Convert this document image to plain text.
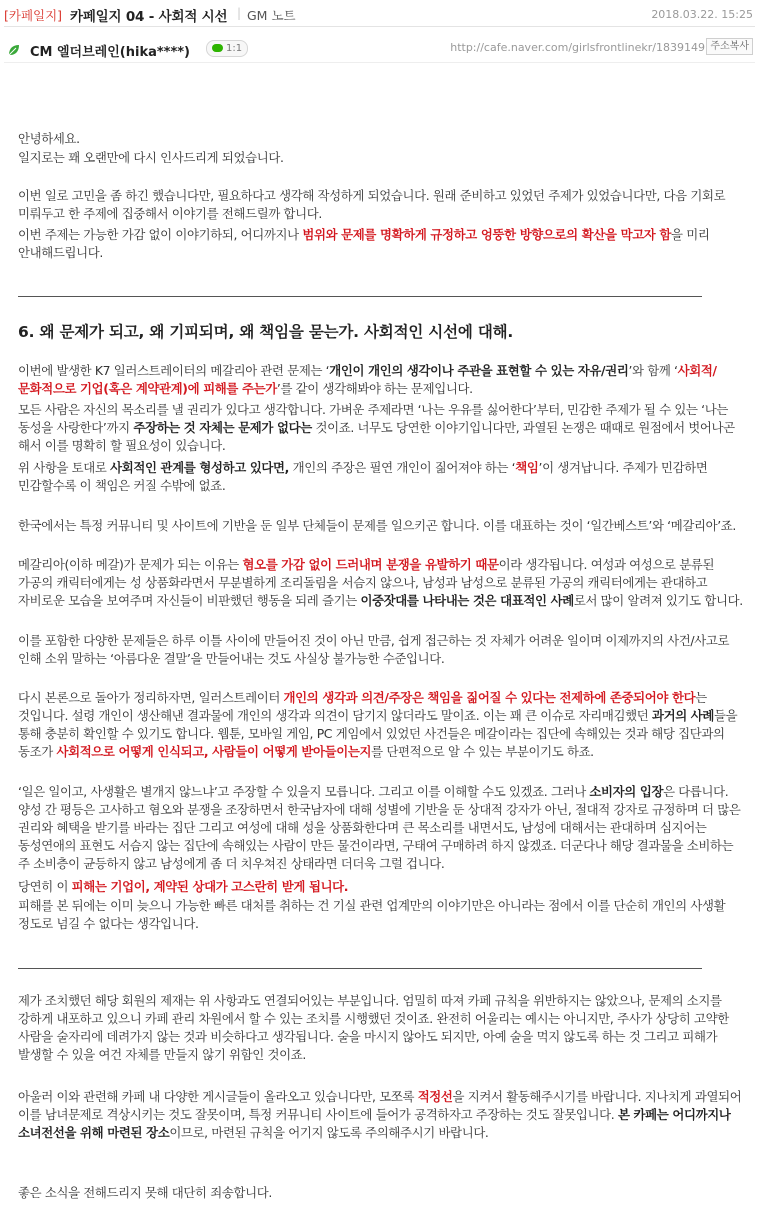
[카페일지] 카페일지 04 - 사회적 시선 | GM 노트	2018.03.22. 15:25
CM 엘더브레인(hika****)	1:1	http://cafe.naver.com/girlsfrontlinekr/1839149 주소복사
안녕하세요.
일지로는 꽤 오랜만에 다시 인사드리게 되었습니다.
이번 일로 고민을 좀 하긴 했습니다만, 필요하다고 생각해 작성하게 되었습니다. 원래 준비하고 있었던 주제가 있었습니다만, 다음 기회로 미뤄두고 한 주제에 집중해서 이야기를 전해드릴까 합니다.
이번 주제는 가능한 가감 없이 이야기하되, 어디까지나 범위와 문제를 명확하게 규정하고 엉뚱한 방향으로의 확산을 막고자 함을 미리 안내해드립니다.
6. 왜 문제가 되고, 왜 기피되며, 왜 책임을 묻는가. 사회적인 시선에 대해.
이번에 발생한 K7 일러스트레이터의 메갈리아 관련 문제는 ‘개인이 개인의 생각이나 주관을 표현할 수 있는 자유/권리’와 함께 ‘사회적/문화적으로 기업(혹은 계약관계)에 피해를 주는가’를 같이 생각해봐야 하는 문제입니다.
모든 사람은 자신의 목소리를 낼 권리가 있다고 생각합니다. 가벼운 주제라면 ‘나는 우유를 싫어한다’부터, 민감한 주제가 될 수 있는 ‘나는 동성을 사랑한다’까지 주장하는 것 자체는 문제가 없다는 것이죠. 너무도 당연한 이야기입니다만, 과열된 논쟁은 때때로 원점에서 벗어나곤 해서 이를 명확히 할 필요성이 있습니다.
위 사항을 토대로 사회적인 관계를 형성하고 있다면, 개인의 주장은 필연 개인이 짊어져야 하는 ‘책임’이 생겨납니다. 주제가 민감하면 민감할수록 이 책임은 커질 수밖에 없죠.
한국에서는 특정 커뮤니티 및 사이트에 기반을 둔 일부 단체들이 문제를 일으키곤 합니다. 이를 대표하는 것이 ‘일간베스트’와 ‘메갈리아’죠.
메갈리아(이하 메갈)가 문제가 되는 이유는 혐오를 가감 없이 드러내며 분쟁을 유발하기 때문이라 생각됩니다. 여성과 여성으로 분류된 가공의 캐릭터에게는 성 상품화라면서 무분별하게 조리돌림을 서슴지 않으나, 남성과 남성으로 분류된 가공의 캐릭터에게는 관대하고 자비로운 모습을 보여주며 자신들이 비판했던 행동을 되레 즐기는 이중잣대를 나타내는 것은 대표적인 사례로서 많이 알려져 있기도 합니다.
이를 포함한 다양한 문제들은 하루 이틀 사이에 만들어진 것이 아닌 만큼, 쉽게 접근하는 것 자체가 어려운 일이며 이제까지의 사건/사고로 인해 소위 말하는 ‘아름다운 결말’을 만들어내는 것도 사실상 불가능한 수준입니다.
다시 본론으로 돌아가 정리하자면, 일러스트레이터 개인의 생각과 의견/주장은 책임을 짊어질 수 있다는 전제하에 존중되어야 한다는 것입니다. 설령 개인이 생산해낸 결과물에 개인의 생각과 의견이 담기지 않더라도 말이죠. 이는 꽤 큰 이슈로 자리매김했던 과거의 사례들을 통해 충분히 확인할 수 있기도 합니다. 웹툰, 모바일 게임, PC 게임에서 있었던 사건들은 메갈이라는 집단에 속해있는 것과 해당 집단과의 동조가 사회적으로 어떻게 인식되고, 사람들이 어떻게 받아들이는지를 단편적으로 알 수 있는 부분이기도 하죠.
‘일은 일이고, 사생활은 별개지 않느냐’고 주장할 수 있을지 모릅니다. 그리고 이를 이해할 수도 있겠죠. 그러나 소비자의 입장은 다릅니다. 양성 간 평등은 고사하고 혐오와 분쟁을 조장하면서 한국남자에 대해 성별에 기반을 둔 상대적 강자가 아닌, 절대적 강자로 규정하며 더 많은 권리와 혜택을 받기를 바라는 집단 그리고 여성에 대해 성을 상품화한다며 큰 목소리를 내면서도, 남성에 대해서는 관대하며 심지어는 동성연애의 표현도 서슴지 않는 집단에 속해있는 사람이 만든 물건이라면, 구태여 구매하려 하지 않겠죠. 더군다나 해당 결과물을 소비하는 주 소비층이 균등하지 않고 남성에게 좀 더 치우쳐진 상태라면 더더욱 그럴 겁니다.
당연히 이 피해는 기업이, 계약된 상대가 고스란히 받게 됩니다.
피해를 본 뒤에는 이미 늦으니 가능한 빠른 대처를 취하는 건 기실 관련 업계만의 이야기만은 아니라는 점에서 이를 단순히 개인의 사생활 정도로 넘길 수 없다는 생각입니다.
제가 조치했던 해당 회원의 제재는 위 사항과도 연결되어있는 부분입니다. 엄밀히 따져 카페 규칙을 위반하지는 않았으나, 문제의 소지를 강하게 내포하고 있으니 카페 관리 차원에서 할 수 있는 조치를 시행했던 것이죠. 완전히 어울리는 예시는 아니지만, 주사가 상당히 고약한 사람을 술자리에 데려가지 않는 것과 비슷하다고 생각됩니다. 술을 마시지 않아도 되지만, 아예 술을 먹지 않도록 하는 것 그리고 피해가 발생할 수 있을 여건 자체를 만들지 않기 위함인 것이죠.
아울러 이와 관련해 카페 내 다양한 게시글들이 올라오고 있습니다만, 모쪼록 적정선을 지켜서 활동해주시기를 바랍니다. 지나치게 과열되어 이를 남녀문제로 격상시키는 것도 잘못이며, 특정 커뮤니티 사이트에 들어가 공격하자고 주장하는 것도 잘못입니다. 본 카페는 어디까지나 소녀전선을 위해 마련된 장소이므로, 마련된 규칙을 어기지 않도록 주의해주시기 바랍니다.
좋은 소식을 전해드리지 못해 대단히 죄송합니다.
